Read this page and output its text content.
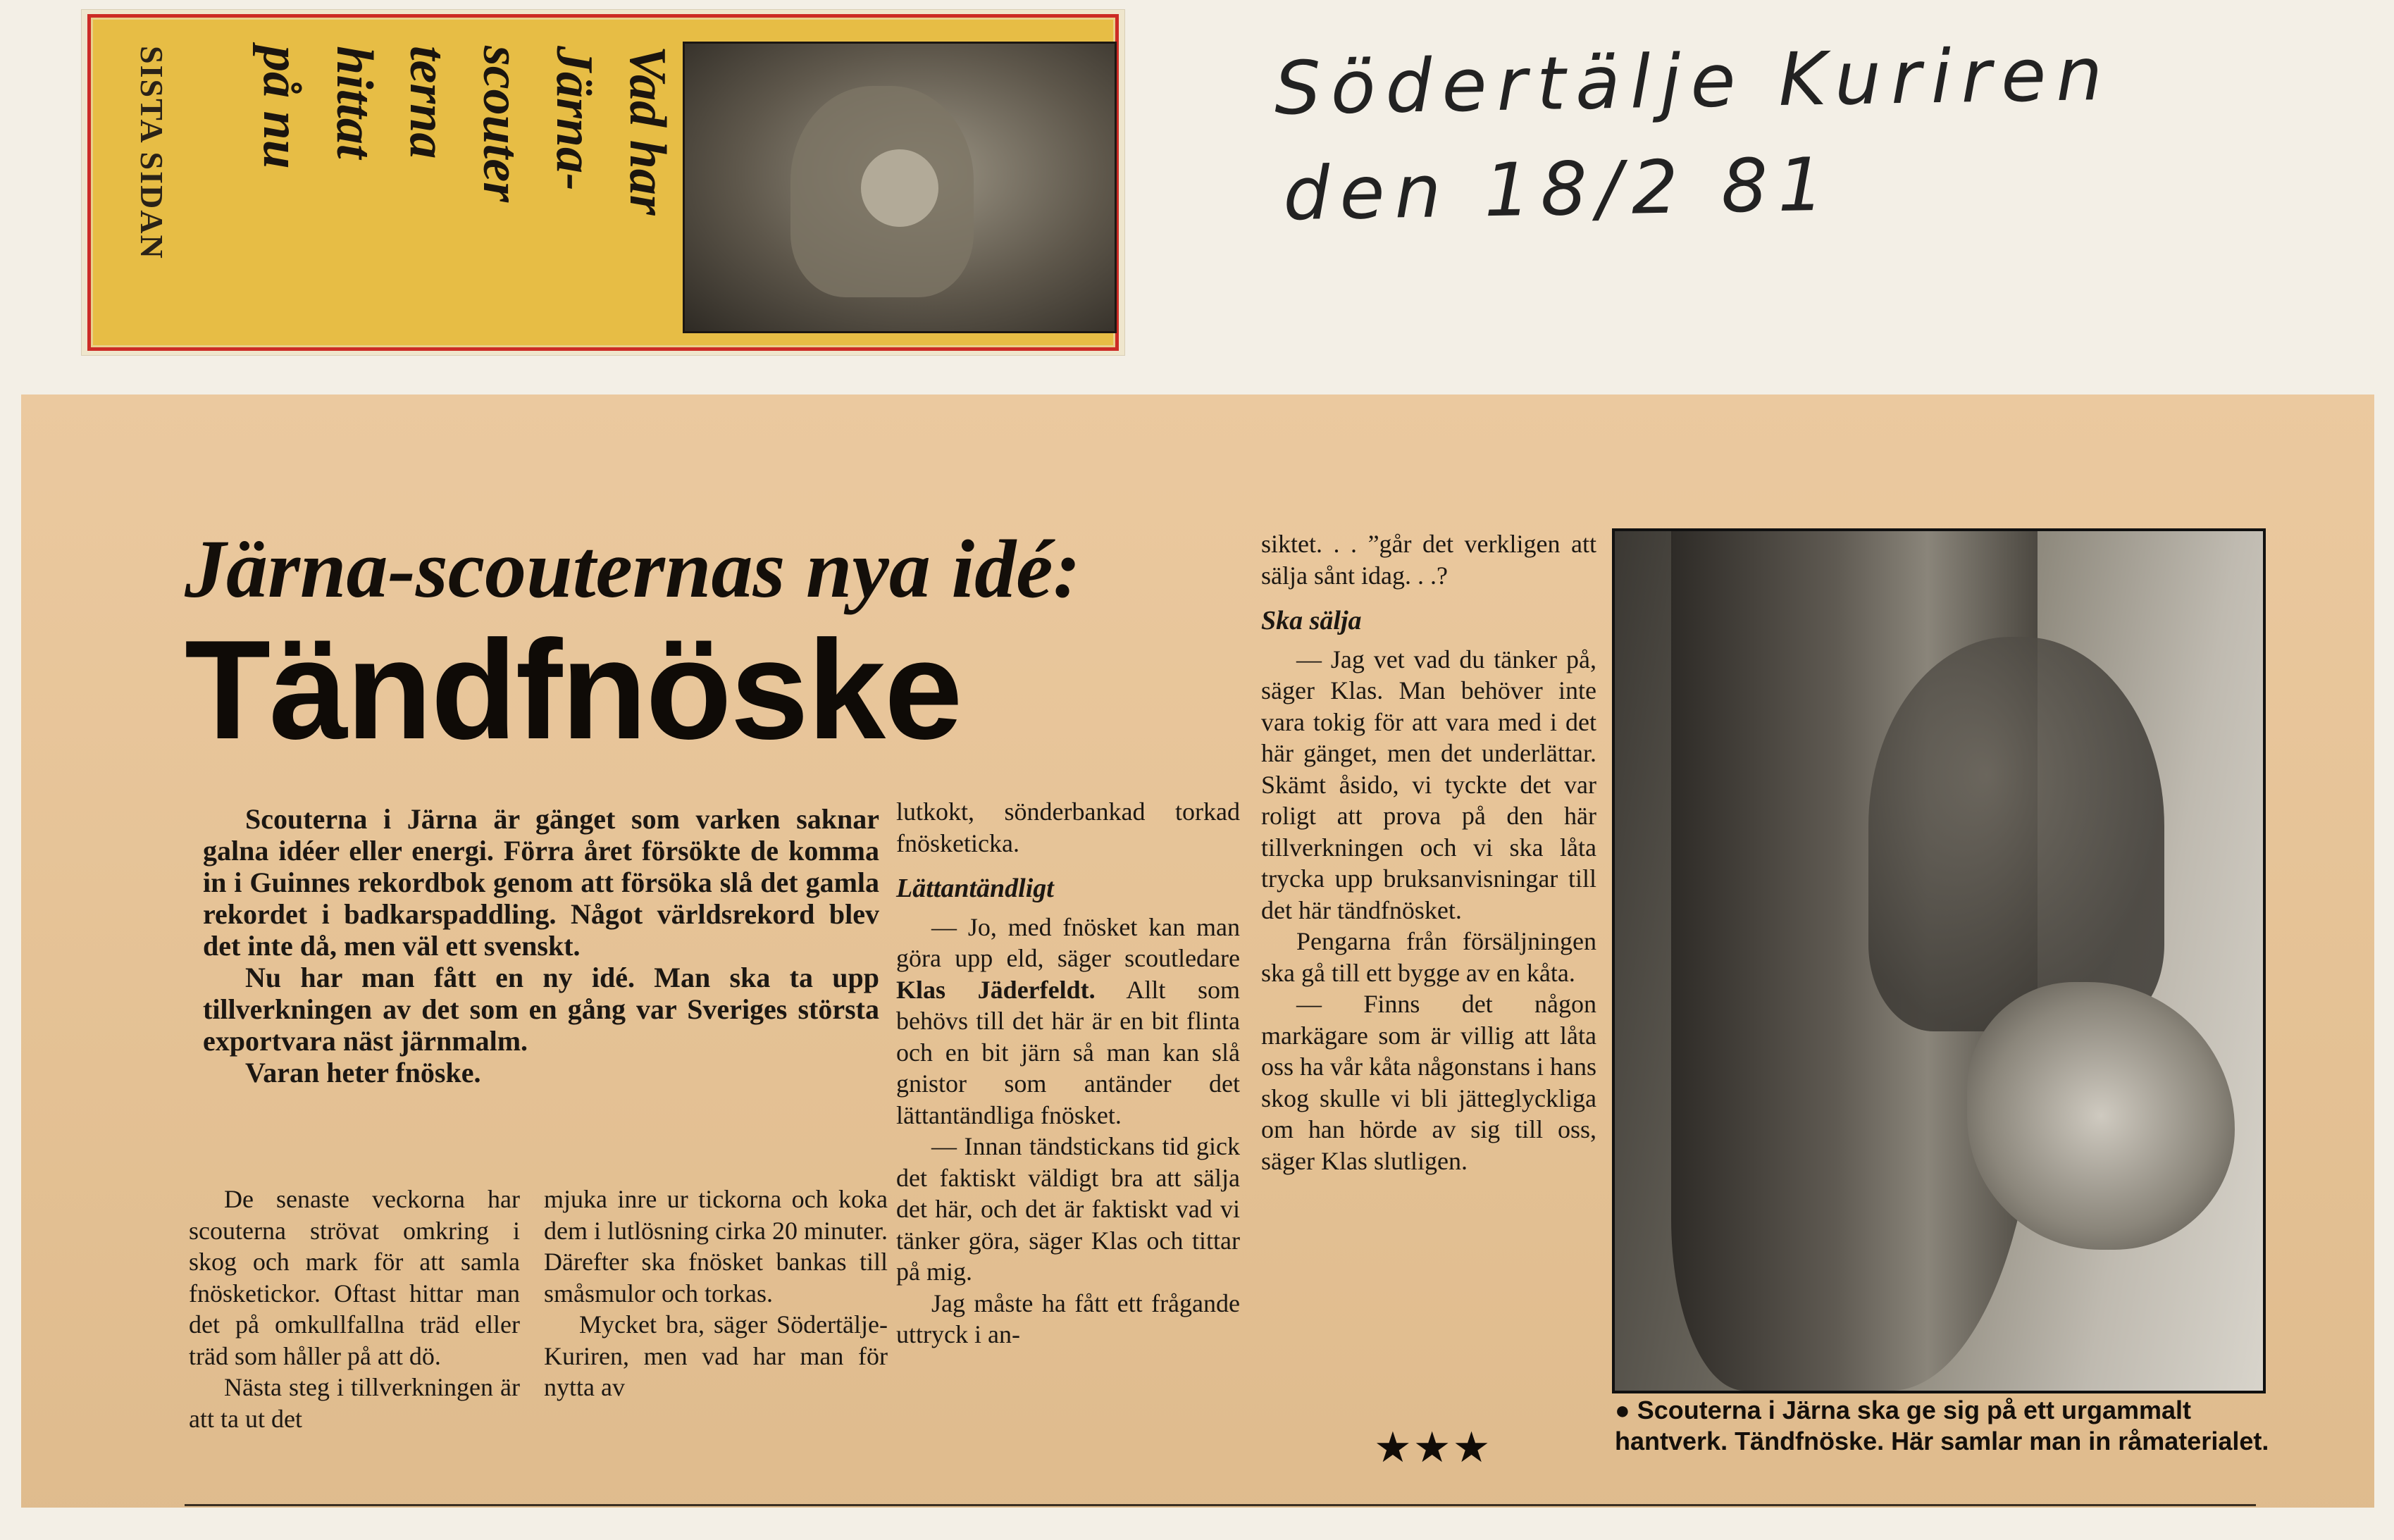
SISTA SIDAN	Vad har
Järna-
scouter
terna
hittat
på nu	Södertälje Kuriren
den 18/2 81
Järna-scouternas nya idé:
Tändfnöske

Scouterna i Järna är gänget som varken saknar galna idéer eller energi. Förra året försökte de komma in i Guinnes rekordbok genom att försöka slå det gamla rekordet i badkarspaddling. Något världsrekord blev det inte då, men väl ett svenskt.

Nu har man fått en ny idé. Man ska ta upp tillverkningen av det som en gång var Sveriges största exportvara näst järnmalm.

Varan heter fnöske.

De senaste veckorna har scouterna strövat omkring i skog och mark för att samla fnösketickor. Oftast hittar man det på omkullfallna träd eller träd som håller på att dö.

Nästa steg i tillverkningen är att ta ut det

mjuka inre ur tickorna och koka dem i lutlösning cirka 20 minuter. Därefter ska fnösket bankas till småsmulor och torkas.

Mycket bra, säger Södertälje-Kuriren, men vad har man för nytta av

lutkokt, sönderbankad torkad fnösketicka.

Lättantändligt

— Jo, med fnösket kan man göra upp eld, säger scoutledare Klas Jäderfeldt. Allt som behövs till det här är en bit flinta och en bit järn så man kan slå gnistor som antänder det lättantändliga fnösket.

— Innan tändstickans tid gick det faktiskt väldigt bra att sälja det här, och det är faktiskt vad vi tänker göra, säger Klas och tittar på mig.

Jag måste ha fått ett frågande uttryck i an-

siktet. . . ”går det verkligen att sälja sånt idag. . .?

Ska sälja

— Jag vet vad du tänker på, säger Klas. Man behöver inte vara tokig för att vara med i det här gänget, men det underlättar. Skämt åsido, vi tyckte det var roligt att prova på den här tillverkningen och vi ska låta trycka upp bruksanvisningar till det här tändfnösket.

Pengarna från försäljningen ska gå till ett bygge av en kåta.

— Finns det någon markägare som är villig att låta oss ha vår kåta någonstans i hans skog skulle vi bli jätteglyckliga om han hörde av sig till oss, säger Klas slutligen.

● Scouterna i Järna ska ge sig på ett urgammalt hantverk. Tändfnöske. Här samlar man in råmaterialet.
★★★
